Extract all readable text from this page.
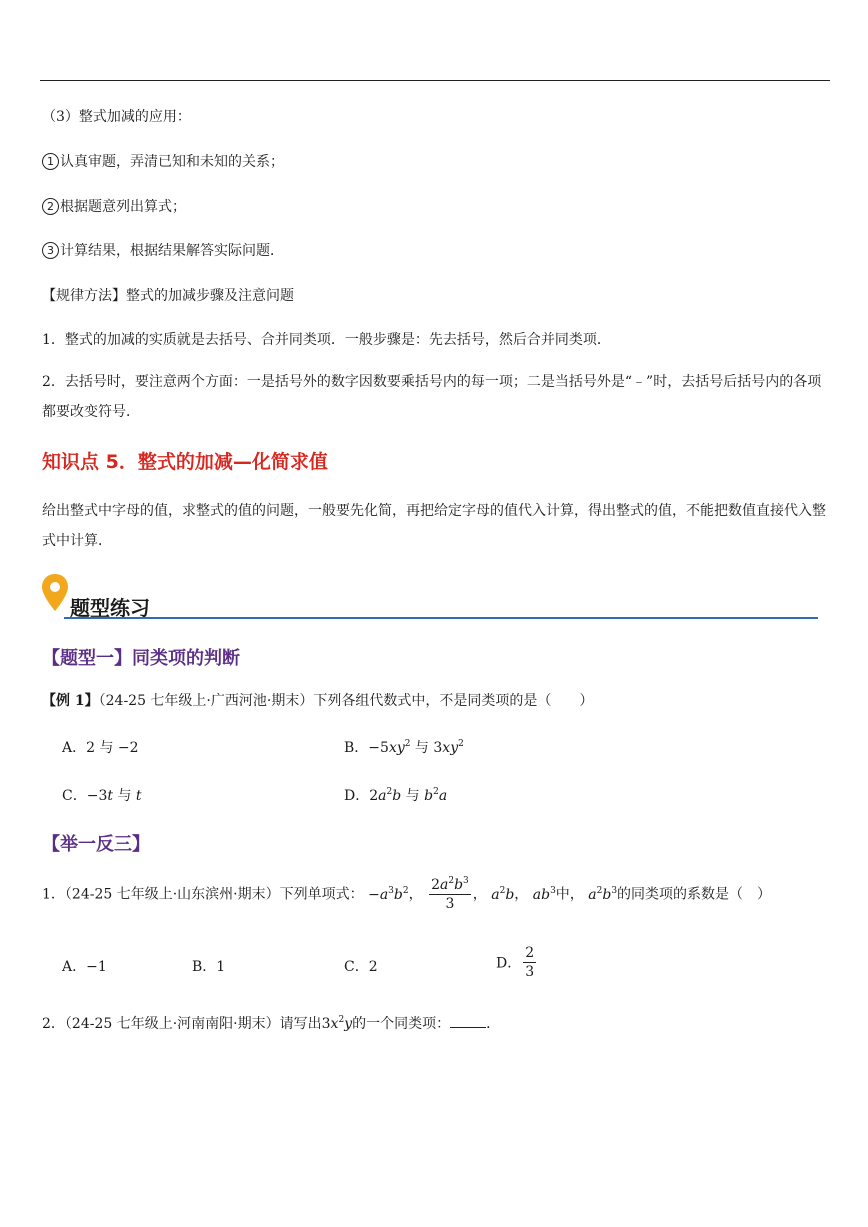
（3）整式加减的应用：
1 认真审题，弄清已知和未知的关系；
2 根据题意列出算式；
3 计算结果，根据结果解答实际问题．
【规律方法】整式的加减步骤及注意问题
1．整式的加减的实质就是去括号、合并同类项．一般步骤是：先去括号，然后合并同类项．
2．去括号时，要注意两个方面：一是括号外的数字因数要乘括号内的每一项；二是当括号外是“﹣”时，去括号后括号内的各项都要改变符号．
知识点 5．整式的加减—化简求值
给出整式中字母的值，求整式的值的问题，一般要先化简，再把给定字母的值代入计算，得出整式的值，不能把数值直接代入整式中计算．
题型练习
【题型一】同类项的判断
【例 1】（24-25 七年级上·广西河池·期末）下列各组代数式中，不是同类项的是（　　）
A．2 与 −2	B．$-5xy^2$ 与 $3xy^2$
C．−3t 与 t	D．$2a^2b$ 与 $b^2a$
【举一反三】
1．（24-25 七年级上·山东滨州·期末）下列单项式： $-a^3b^2$， $\frac{2a^2b^3}{3}$ ， $a^2b$， $ab^3$中， $a^2b^3$的同类项的系数是（　）
A．−1	B．1	C．2	D． $\frac{2}{3}$
2．（24-25 七年级上·河南南阳·期末）请写出$3x^2y$的一个同类项：	．
